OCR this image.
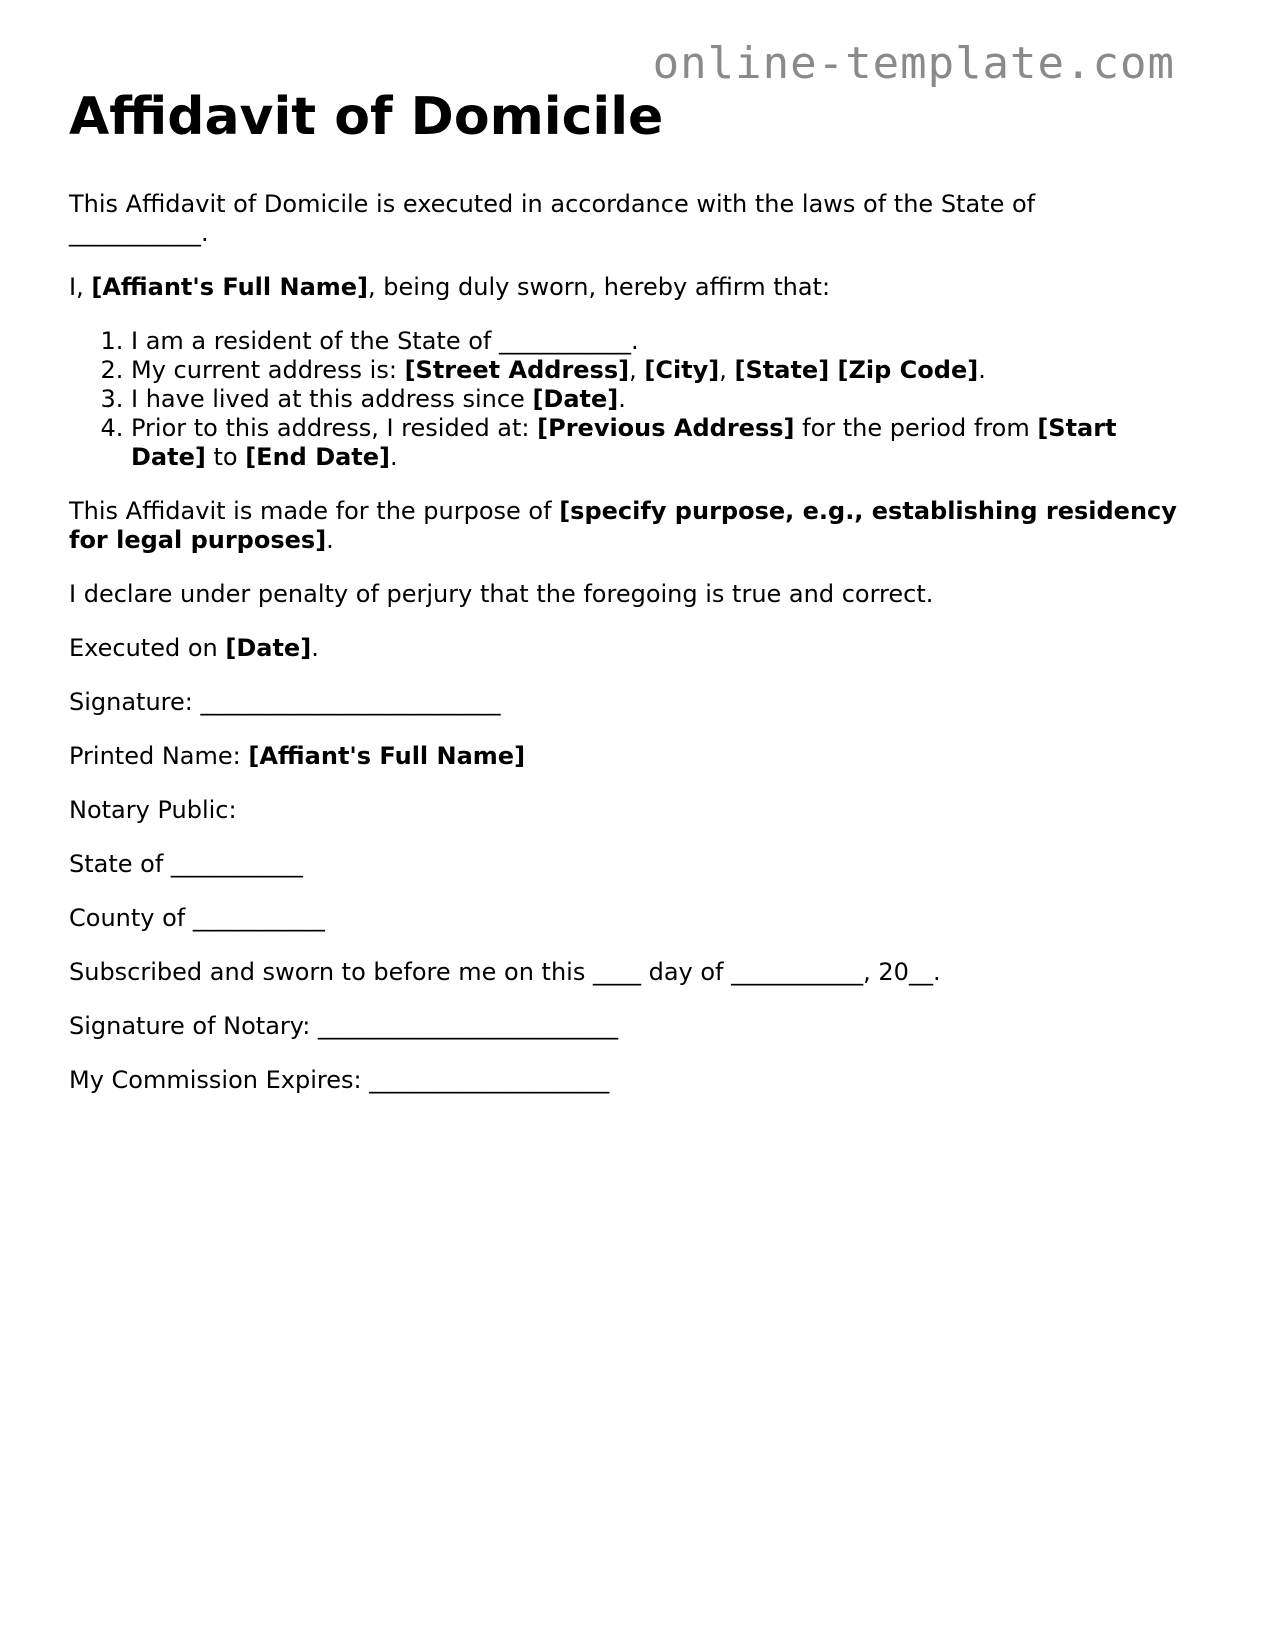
online-template.com
Affidavit of Domicile

This Affidavit of Domicile is executed in accordance with the laws of the State of
___________.

I, [Affiant's Full Name], being duly sworn, hereby affirm that:

1. I am a resident of the State of ___________.
2. My current address is: [Street Address], [City], [State] [Zip Code].
3. I have lived at this address since [Date].
4. Prior to this address, I resided at: [Previous Address] for the period from [Start Date] to [End Date].

This Affidavit is made for the purpose of [specify purpose, e.g., establishing residency for legal purposes].

I declare under penalty of perjury that the foregoing is true and correct.

Executed on [Date].

Signature: _________________________

Printed Name: [Affiant's Full Name]

Notary Public:

State of ___________

County of ___________

Subscribed and sworn to before me on this ____ day of ___________, 20__.

Signature of Notary: _________________________

My Commission Expires: ____________________
